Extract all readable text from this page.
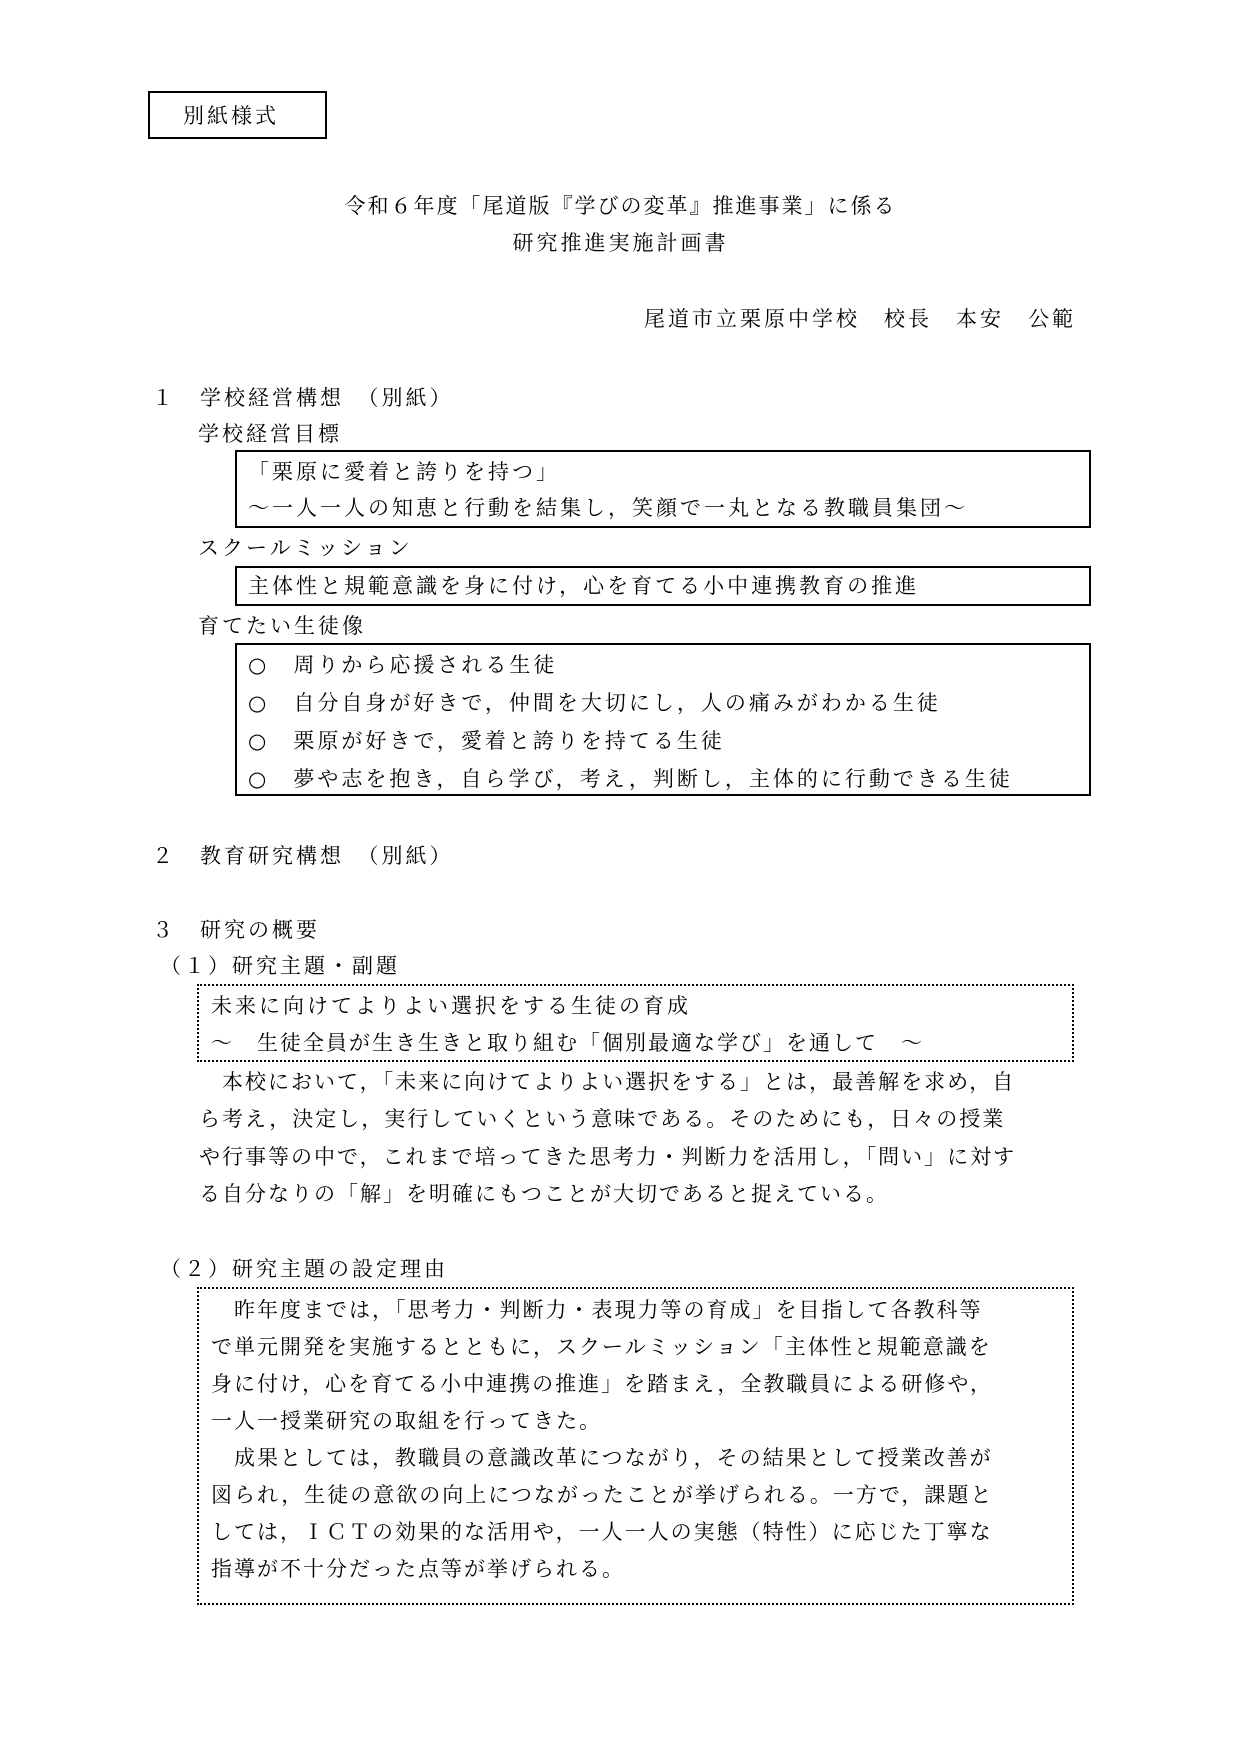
別紙様式
令和６年度「尾道版『学びの変革』推進事業」に係る
研究推進実施計画書
尾道市立栗原中学校　校長　本安　公範
１　学校経営構想　（別紙）
学校経営目標
「栗原に愛着と誇りを持つ」
～一人一人の知恵と行動を結集し，笑顔で一丸となる教職員集団～
スクールミッション
主体性と規範意識を身に付け，心を育てる小中連携教育の推進
育てたい生徒像
○　周りから応援される生徒
○　自分自身が好きで，仲間を大切にし，人の痛みがわかる生徒
○　栗原が好きで，愛着と誇りを持てる生徒
○　夢や志を抱き，自ら学び，考え，判断し，主体的に行動できる生徒
２　教育研究構想　（別紙）
３　研究の概要
（１）研究主題・副題
未来に向けてよりよい選択をする生徒の育成
～　生徒全員が生き生きと取り組む「個別最適な学び」を通して　～
　本校において，「未来に向けてよりよい選択をする」とは，最善解を求め，自
ら考え，決定し，実行していくという意味である。そのためにも，日々の授業
や行事等の中で，これまで培ってきた思考力・判断力を活用し，「問い」に対す
る自分なりの「解」を明確にもつことが大切であると捉えている。
（２）研究主題の設定理由
　昨年度までは，「思考力・判断力・表現力等の育成」を目指して各教科等
で単元開発を実施するとともに，スクールミッション「主体性と規範意識を
身に付け，心を育てる小中連携の推進」を踏まえ，全教職員による研修や，
一人一授業研究の取組を行ってきた。
　成果としては，教職員の意識改革につながり，その結果として授業改善が
図られ，生徒の意欲の向上につながったことが挙げられる。一方で，課題と
しては，ＩＣＴの効果的な活用や，一人一人の実態（特性）に応じた丁寧な
指導が不十分だった点等が挙げられる。
